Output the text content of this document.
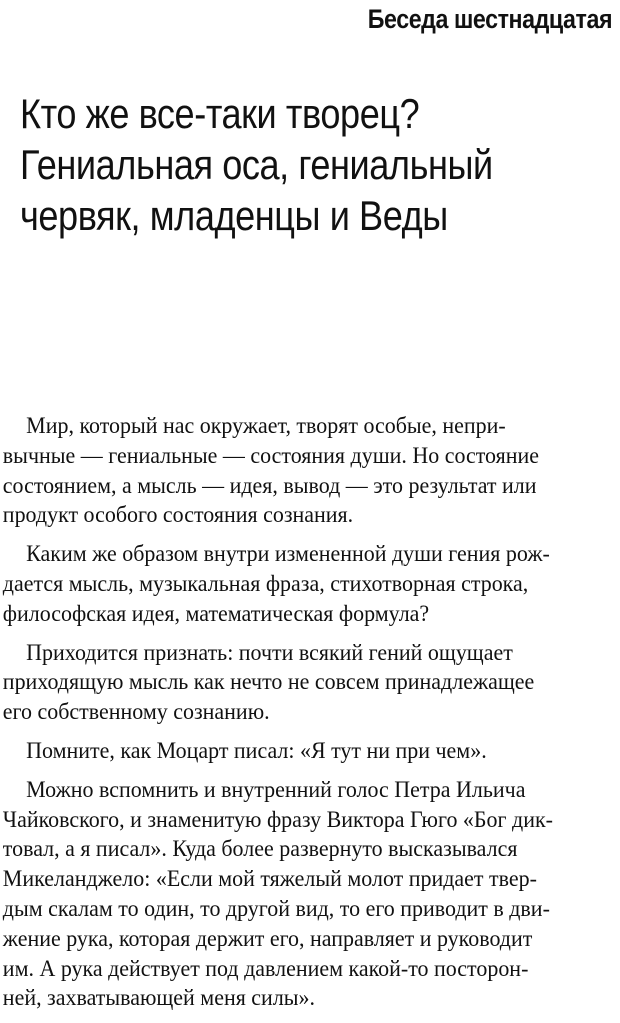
Беседа шестнадцатая
Кто же все-таки творец?
Гениальная оса, гениальный
червяк, младенцы и Веды

Мир, который нас окружает, творят особые, непри-
вычные — гениальные — состояния души. Но состояние
состоянием, а мысль — идея, вывод — это результат или
продукт особого состояния сознания.

Каким же образом внутри измененной души гения рож-
дается мысль, музыкальная фраза, стихотворная строка,
философская идея, математическая формула?

Приходится признать: почти всякий гений ощущает
приходящую мысль как нечто не совсем принадлежащее
его собственному сознанию.

Помните, как Моцарт писал: «Я тут ни при чем».

Можно вспомнить и внутренний голос Петра Ильича
Чайковского, и знаменитую фразу Виктора Гюго «Бог дик-
товал, а я писал». Куда более развернуто высказывался
Микеланджело: «Если мой тяжелый молот придает твер-
дым скалам то один, то другой вид, то его приводит в дви-
жение рука, которая держит его, направляет и руководит
им. А рука действует под давлением какой-то посторон-
ней, захватывающей меня силы».
